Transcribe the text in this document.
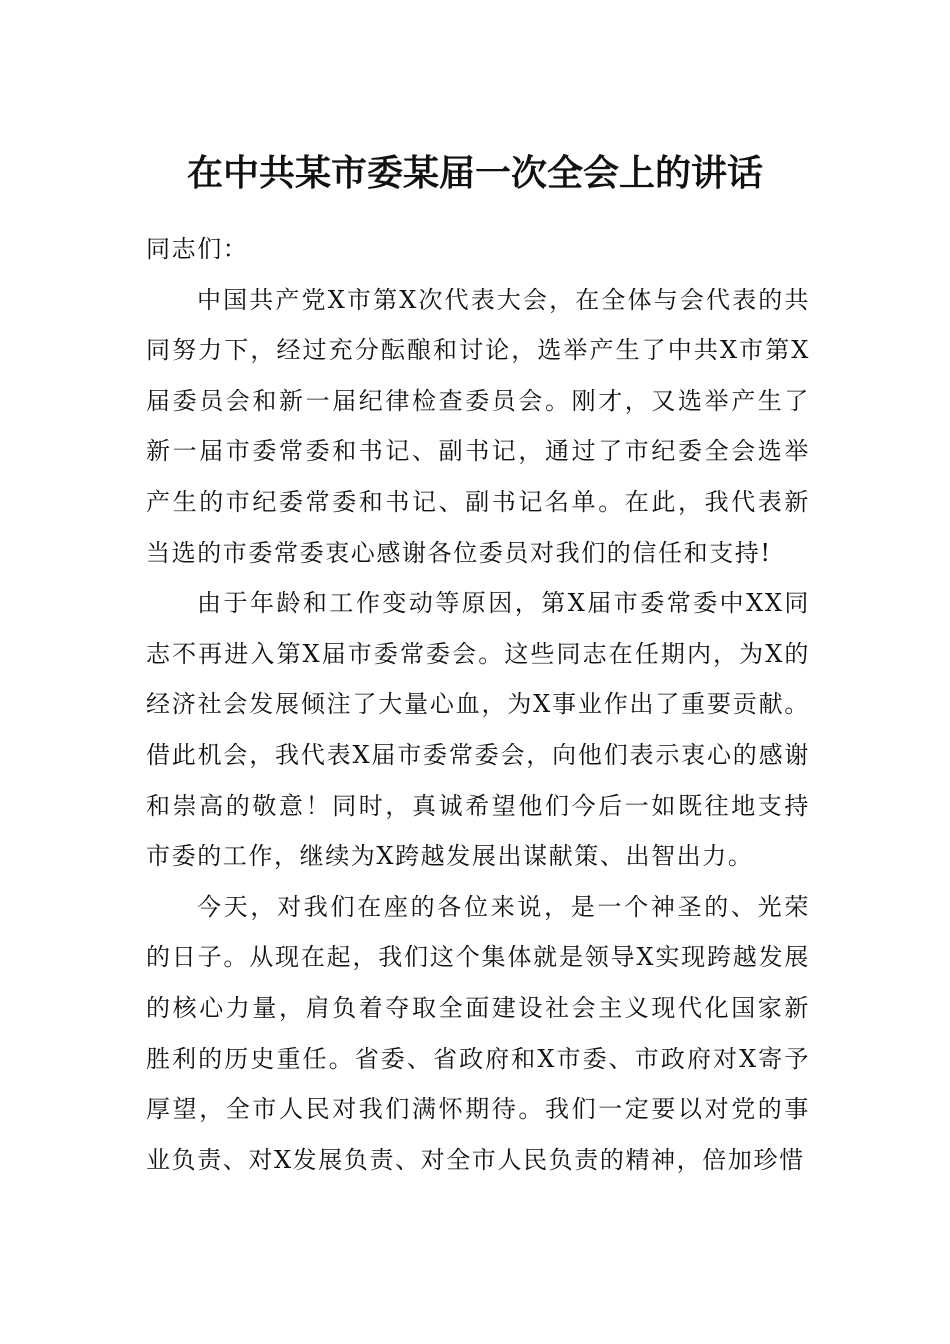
在中共某市委某届一次全会上的讲话

同志们：

中国共产党X市第X次代表大会，在全体与会代表的共同努力下，经过充分酝酿和讨论，选举产生了中共X市第X届委员会和新一届纪律检查委员会。刚才，又选举产生了新一届市委常委和书记、副书记，通过了市纪委全会选举产生的市纪委常委和书记、副书记名单。在此，我代表新当选的市委常委衷心感谢各位委员对我们的信任和支持!

由于年龄和工作变动等原因，第X届市委常委中XX同志不再进入第X届市委常委会。这些同志在任期内，为X的经济社会发展倾注了大量心血，为X事业作出了重要贡献。借此机会，我代表X届市委常委会，向他们表示衷心的感谢和崇高的敬意！同时，真诚希望他们今后一如既往地支持市委的工作，继续为X跨越发展出谋献策、出智出力。

今天，对我们在座的各位来说，是一个神圣的、光荣的日子。从现在起，我们这个集体就是领导X实现跨越发展的核心力量，肩负着夺取全面建设社会主义现代化国家新胜利的历史重任。省委、省政府和X市委、市政府对X寄予厚望，全市人民对我们满怀期待。我们一定要以对党的事业负责、对X发展负责、对全市人民负责的精神，倍加珍惜
